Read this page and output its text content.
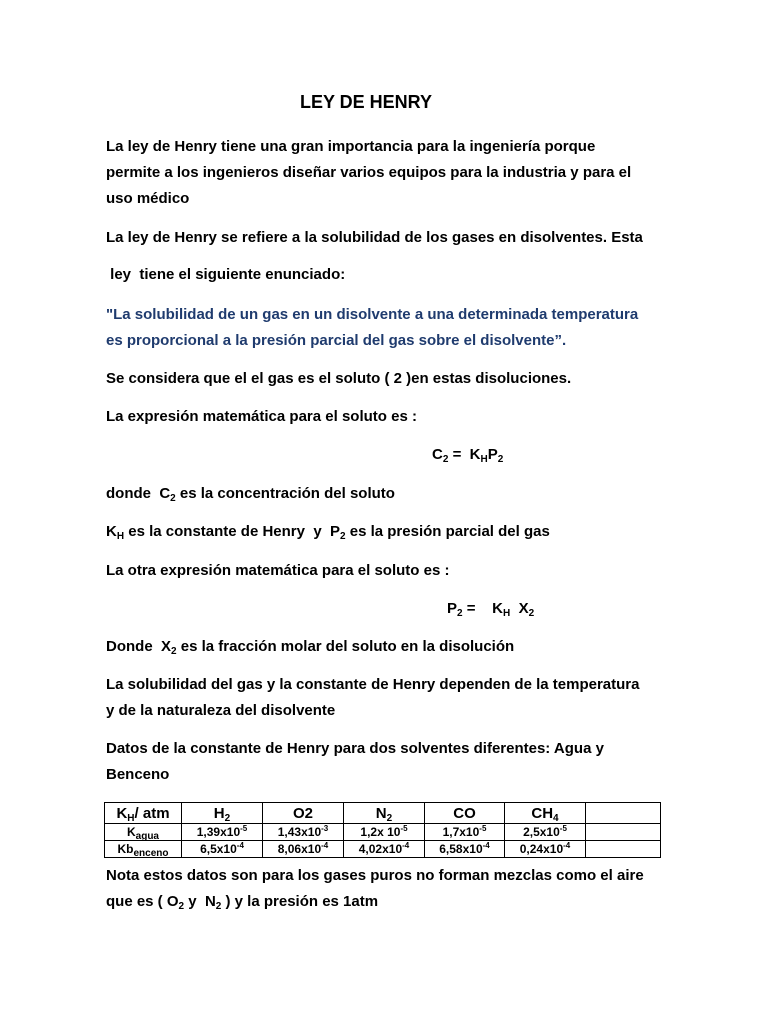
LEY DE HENRY
La ley de Henry tiene una gran importancia para la ingeniería porque
permite a los ingenieros diseñar varios equipos para la industria y para el
uso médico
La ley de Henry se refiere a la solubilidad de los gases en disolventes. Esta
ley  tiene el siguiente enunciado:
"La solubilidad de un gas en un disolvente a una determinada temperatura
es proporcional a la presión parcial del gas sobre el disolvente”.
Se considera que el el gas es el soluto ( 2 )en estas disoluciones.
La expresión matemática para el soluto es :
$C_2 = K_HP_2$
donde  $C_2$ es la concentración del soluto
$K_H$ es la constante de Henry  y  $P_2$ es la presión parcial del gas
La otra expresión matemática para el soluto es :
$P_2$ =    $K_H$  $X_2$
Donde  $X_2$ es la fracción molar del soluto en la disolución
La solubilidad del gas y la constante de Henry dependen de la temperatura
y de la naturaleza del disolvente
Datos de la constante de Henry para dos solventes diferentes: Agua y
Benceno
$K_H/$ atm	$H_2$	O2	$N_2$	CO	$CH_4$	
$K_{agua}$	$1,39x10^{-5}$	$1,43x10^{-3}$	1,2x $10^{-5}$	$1,7x10^{-5}$	$2,5x10^{-5}$	
$Kb_{enceno}$	$6,5x10^{-4}$	$8,06x10^{-4}$	$4,02x10^{-4}$	$6,58x10^{-4}$	$0,24x10^{-4}$	
Nota estos datos son para los gases puros no forman mezclas como el aire
que es ( $O_2$ y  $N_2$ ) y la presión es 1atm
